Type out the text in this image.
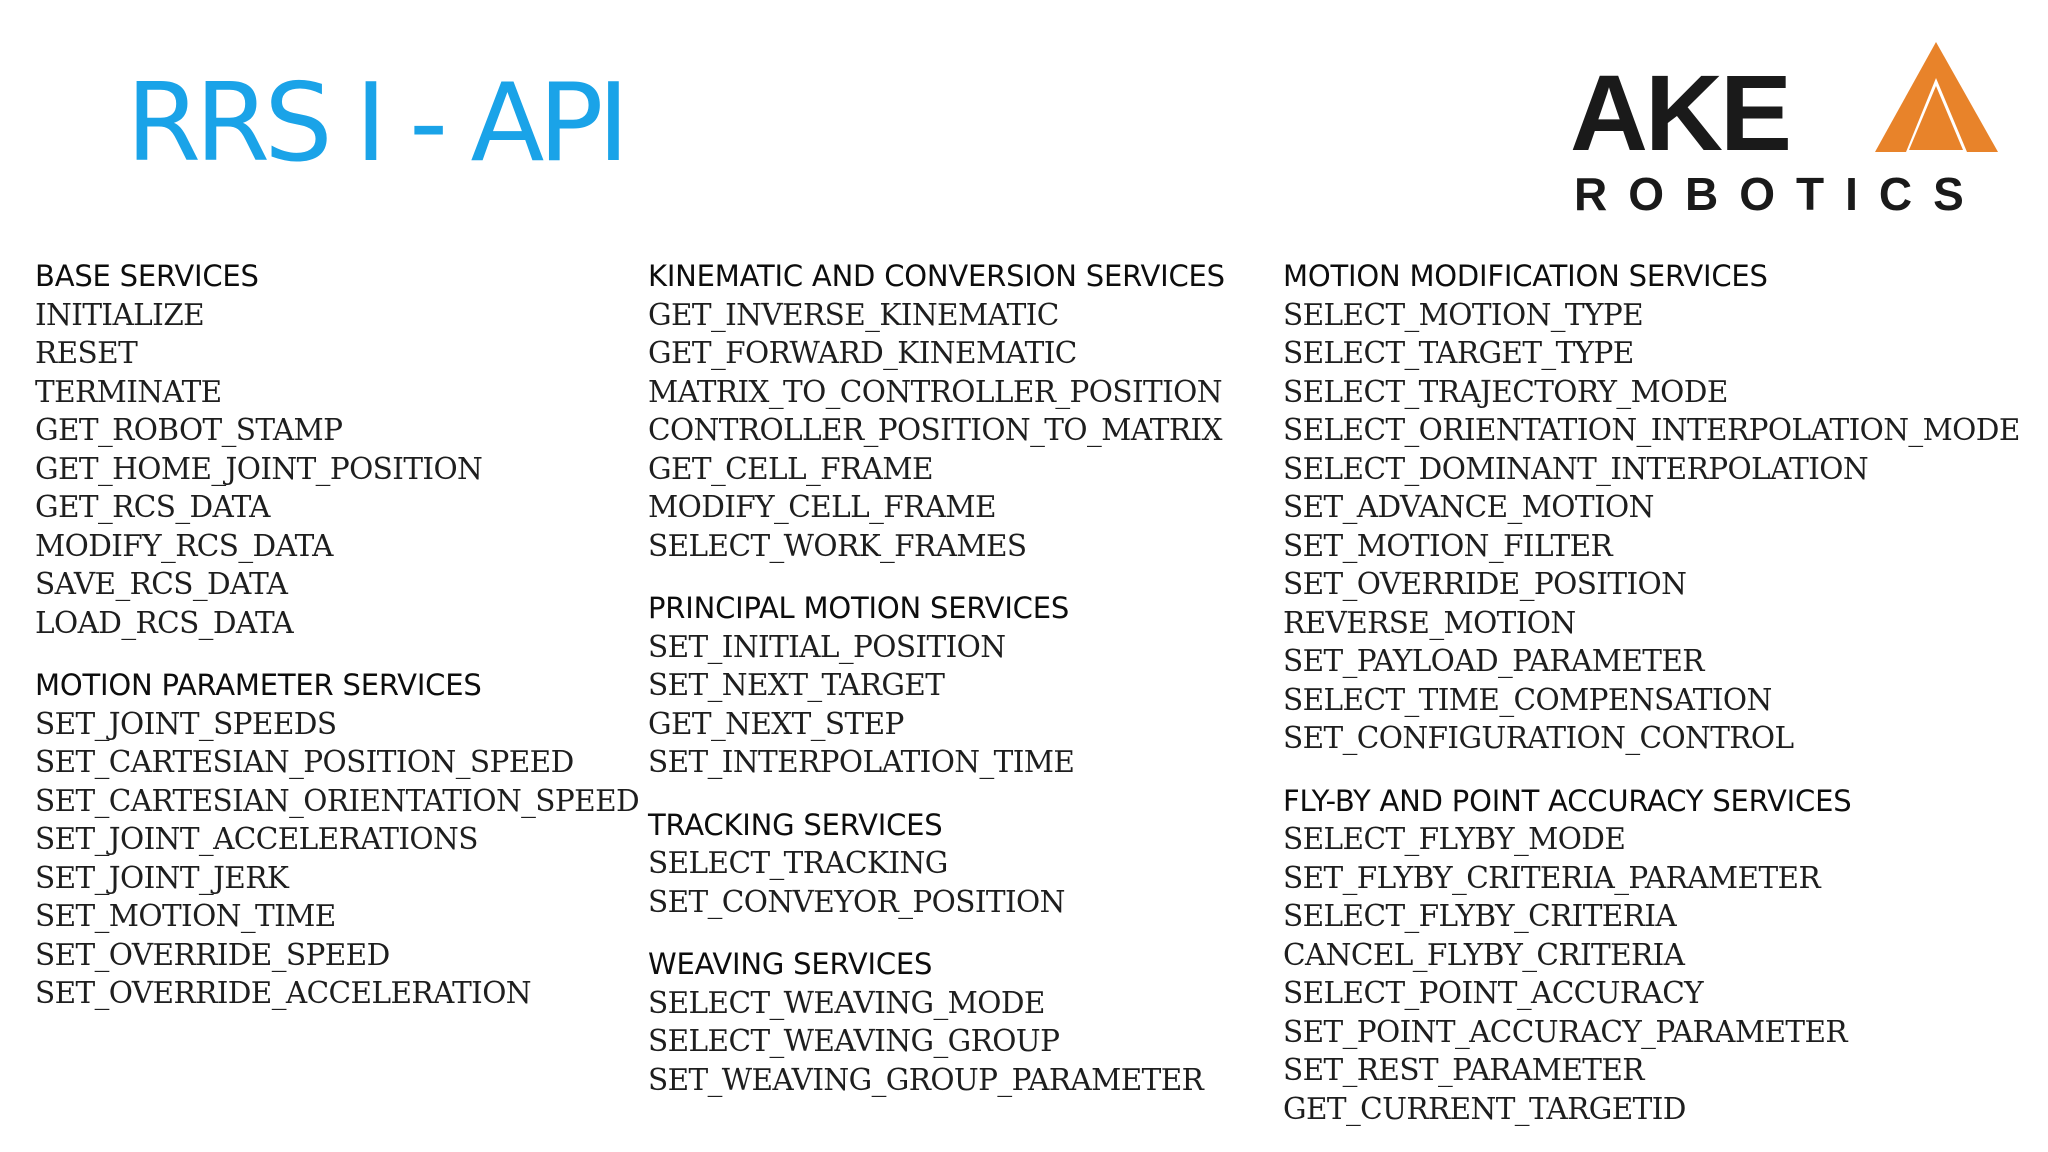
RRS I - API	AKE
ROBOTICS
BASE SERVICES
INITIALIZE
RESET
TERMINATE
GET_ROBOT_STAMP
GET_HOME_JOINT_POSITION
GET_RCS_DATA
MODIFY_RCS_DATA
SAVE_RCS_DATA
LOAD_RCS_DATA
MOTION PARAMETER SERVICES
SET_JOINT_SPEEDS
SET_CARTESIAN_POSITION_SPEED
SET_CARTESIAN_ORIENTATION_SPEED
SET_JOINT_ACCELERATIONS
SET_JOINT_JERK
SET_MOTION_TIME
SET_OVERRIDE_SPEED
SET_OVERRIDE_ACCELERATION
KINEMATIC AND CONVERSION SERVICES
GET_INVERSE_KINEMATIC
GET_FORWARD_KINEMATIC
MATRIX_TO_CONTROLLER_POSITION
CONTROLLER_POSITION_TO_MATRIX
GET_CELL_FRAME
MODIFY_CELL_FRAME
SELECT_WORK_FRAMES
PRINCIPAL MOTION SERVICES
SET_INITIAL_POSITION
SET_NEXT_TARGET
GET_NEXT_STEP
SET_INTERPOLATION_TIME
TRACKING SERVICES
SELECT_TRACKING
SET_CONVEYOR_POSITION
WEAVING SERVICES
SELECT_WEAVING_MODE
SELECT_WEAVING_GROUP
SET_WEAVING_GROUP_PARAMETER
MOTION MODIFICATION SERVICES
SELECT_MOTION_TYPE
SELECT_TARGET_TYPE
SELECT_TRAJECTORY_MODE
SELECT_ORIENTATION_INTERPOLATION_MODE
SELECT_DOMINANT_INTERPOLATION
SET_ADVANCE_MOTION
SET_MOTION_FILTER
SET_OVERRIDE_POSITION
REVERSE_MOTION
SET_PAYLOAD_PARAMETER
SELECT_TIME_COMPENSATION
SET_CONFIGURATION_CONTROL
FLY-BY AND POINT ACCURACY SERVICES
SELECT_FLYBY_MODE
SET_FLYBY_CRITERIA_PARAMETER
SELECT_FLYBY_CRITERIA
CANCEL_FLYBY_CRITERIA
SELECT_POINT_ACCURACY
SET_POINT_ACCURACY_PARAMETER
SET_REST_PARAMETER
GET_CURRENT_TARGETID
